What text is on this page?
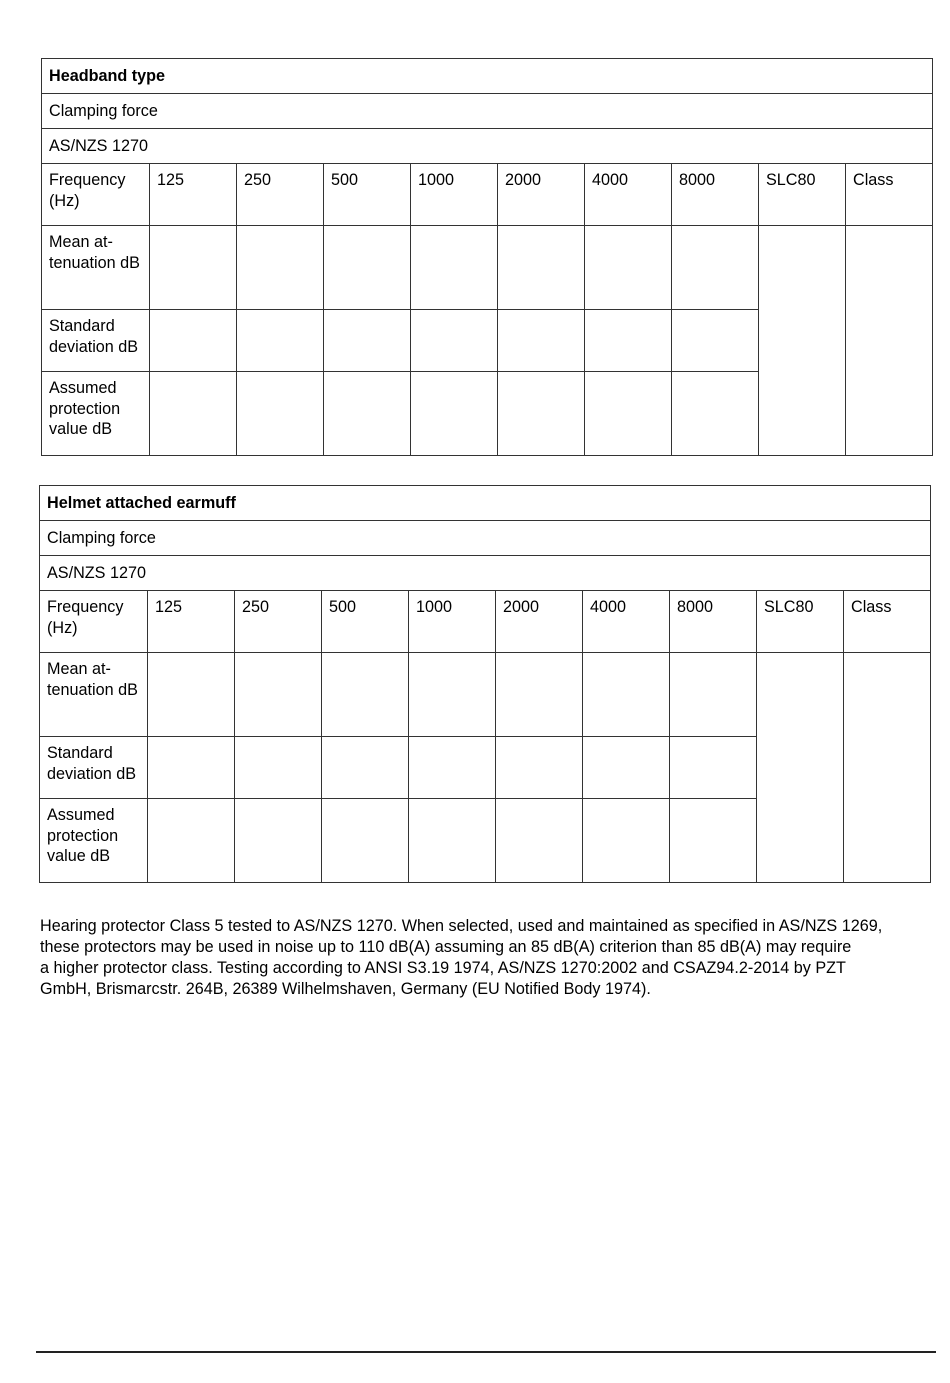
Headband type									
Clamping force									
AS/NZS 1270									
Frequency (Hz)	125	250	500	1000	2000	4000	8000	SLC80	Class
Mean at-tenuation dB									
Standard deviation dB									
Assumed protection value dB									
Helmet attached earmuff									
Clamping force									
AS/NZS 1270									
Frequency (Hz)	125	250	500	1000	2000	4000	8000	SLC80	Class
Mean at-tenuation dB									
Standard deviation dB									
Assumed protection value dB									
Hearing protector Class 5 tested to AS/NZS 1270. When selected, used and maintained as specified in AS/NZS 1269,
these protectors may be used in noise up to 110 dB(A) assuming an 85 dB(A) criterion than 85 dB(A) may require
a higher protector class. Testing according to ANSI S3.19 1974, AS/NZS 1270:2002 and CSAZ94.2-2014 by PZT
GmbH, Brismarcstr. 264B, 26389 Wilhelmshaven, Germany (EU Notified Body 1974).
